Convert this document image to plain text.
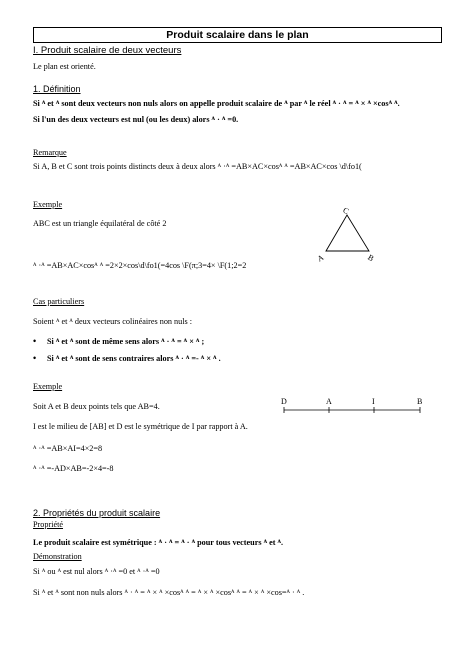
Produit scalaire dans le plan
I. Produit scalaire de deux vecteurs
Le plan est orienté.
1. Définition
Si ᴬ et ᴬ sont deux vecteurs non nuls alors on appelle produit scalaire de ᴬ par ᴬ le réel ᴬ · ᴬ = ᴬ × ᴬ ×cosᴬ ᴬ.
Si l'un des deux vecteurs est nul (ou les deux) alors ᴬ · ᴬ =0.
Remarque
Si A, B et C sont trois points distincts deux à deux alors ᴬ ·ᴬ =AB×AC×cosᴬ ᴬ =AB×AC×cos \d\fo1(
Exemple
ABC est un triangle équilatéral de côté 2
A	B
C
ᴬ ·ᴬ =AB×AC×cosᴬ ᴬ =2×2×cos\d\fo1(=4cos \F(π;3=4× \F(1;2=2
Cas particuliers
Soient ᴬ et ᴬ deux vecteurs colinéaires non nuls :
• Si ᴬ et ᴬ sont de même sens alors ᴬ · ᴬ = ᴬ × ᴬ ;
• Si ᴬ et ᴬ sont de sens contraires alors ᴬ · ᴬ =- ᴬ × ᴬ .
Exemple
Soit A et B deux points tels que AB=4.
D	A	I	B
I est le milieu de [AB] et D est le symétrique de I par rapport à A.
ᴬ ·ᴬ =AB×AI=4×2=8
ᴬ ·ᴬ =-AD×AB=-2×4=-8
2. Propriétés du produit scalaire
Propriété
Le produit scalaire est symétrique : ᴬ · ᴬ = ᴬ · ᴬ pour tous vecteurs ᴬ et ᴬ.
Démonstration
Si ᴬ ou ᴬ est nul alors ᴬ ·ᴬ =0 et ᴬ ·ᴬ =0
Si ᴬ et ᴬ sont non nuls alors ᴬ · ᴬ = ᴬ × ᴬ ×cosᴬ ᴬ = ᴬ × ᴬ ×cosᴬ ᴬ = ᴬ × ᴬ ×cos=ᴬ · ᴬ .
